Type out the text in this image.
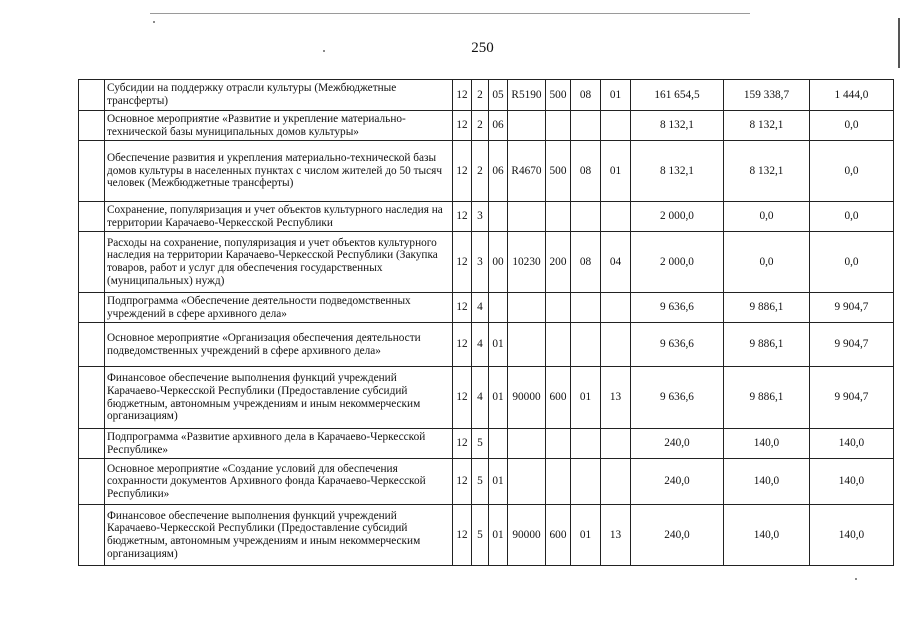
250
	Субсидии на поддержку отрасли культуры (Межбюджетные трансферты)	12	2	05	R5190	500	08	01	161 654,5	159 338,7	1 444,0
	Основное мероприятие «Развитие и укрепление материально-технической базы муниципальных домов культуры»	12	2	06					8 132,1	8 132,1	0,0
	Обеспечение развития и укрепления материально-технической базы домов культуры в населенных пунктах с числом жителей до 50 тысяч человек (Межбюджетные трансферты)	12	2	06	R4670	500	08	01	8 132,1	8 132,1	0,0
	Сохранение, популяризация и учет объектов культурного наследия на территории Карачаево-Черкесской Республики	12	3						2 000,0	0,0	0,0
	Расходы на сохранение, популяризация и учет объектов культурного наследия на территории Карачаево-Черкесской Республики (Закупка товаров, работ и услуг для обеспечения государственных (муниципальных) нужд)	12	3	00	10230	200	08	04	2 000,0	0,0	0,0
	Подпрограмма «Обеспечение деятельности подведомственных учреждений в сфере архивного дела»	12	4						9 636,6	9 886,1	9 904,7
	Основное мероприятие «Организация обеспечения деятельности подведомственных учреждений в сфере архивного дела»	12	4	01					9 636,6	9 886,1	9 904,7
	Финансовое обеспечение выполнения функций учреждений Карачаево-Черкесской Республики (Предоставление субсидий бюджетным, автономным учреждениям и иным некоммерческим организациям)	12	4	01	90000	600	01	13	9 636,6	9 886,1	9 904,7
	Подпрограмма «Развитие архивного дела в Карачаево-Черкесской Республике»	12	5						240,0	140,0	140,0
	Основное мероприятие «Создание условий для обеспечения сохранности документов Архивного фонда Карачаево-Черкесской Республики»	12	5	01					240,0	140,0	140,0
	Финансовое обеспечение выполнения функций учреждений Карачаево-Черкесской Республики (Предоставление субсидий бюджетным, автономным учреждениям и иным некоммерческим организациям)	12	5	01	90000	600	01	13	240,0	140,0	140,0
